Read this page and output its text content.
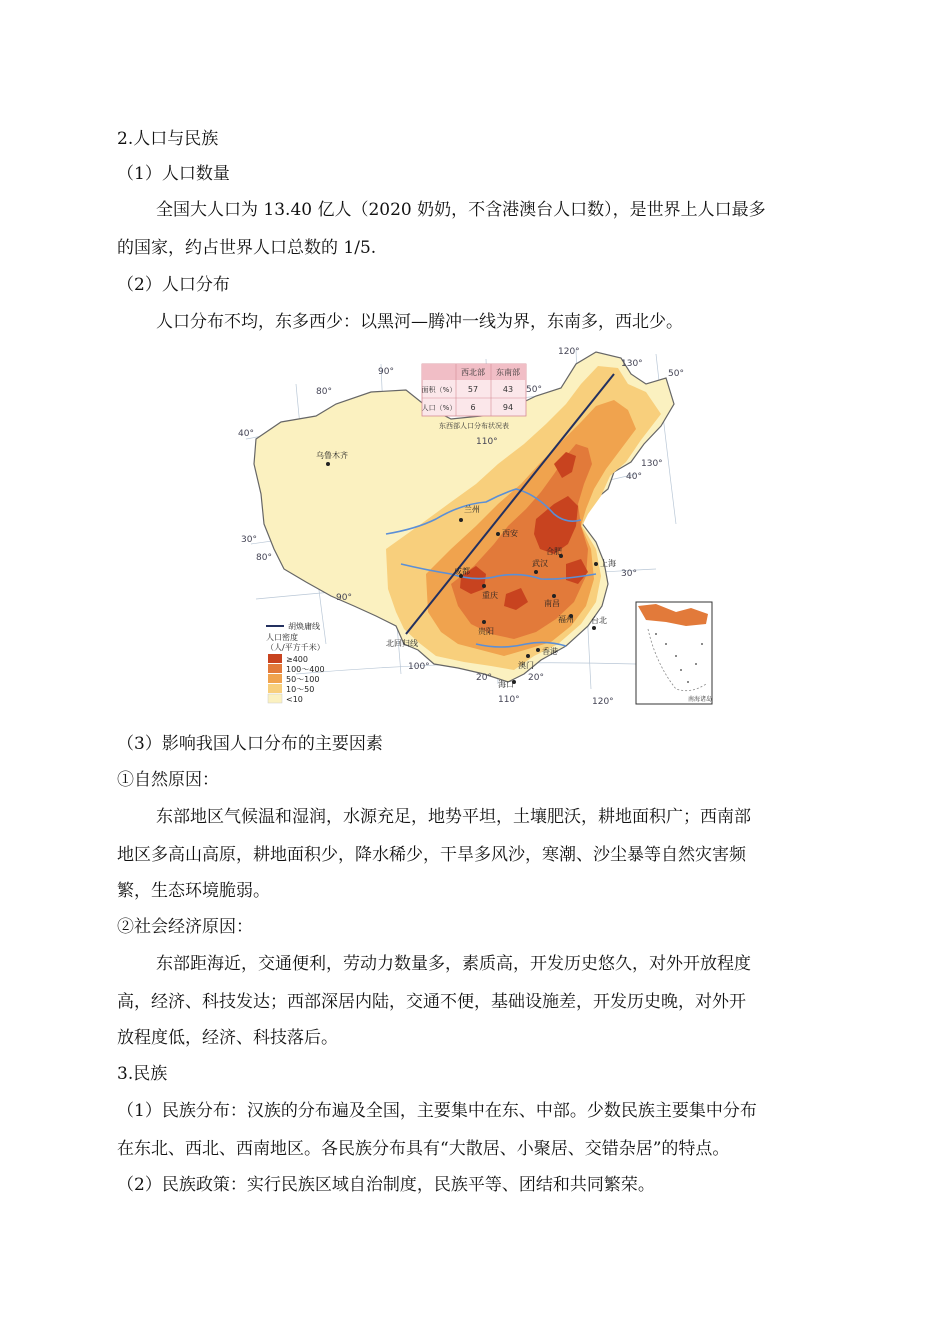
2.人口与民族
（1）人口数量
全国大人口为 13.40 亿人（2020 奶奶，不含港澳台人口数），是世界上人口最多
的国家，约占世界人口总数的 1/5.
（2）人口分布
人口分布不均，东多西少：以黑河—腾冲一线为界，东南多，西北少。
西北部 东南部
面积（%） 57	43
人口（%） 6	94
东西部人口分布状况表
90°
80°
110°
120°
130°
130°
50°
50°
40°
40°
30°
30°
80°
90°
100°
20°	20°
110°	120°
乌鲁木齐
兰州
西安
成都
重庆
贵阳
武汉
合肥
上海
南昌
福州 台北
香港
澳门
海口
北回归线
胡焕庸线
人口密度
（人/平方千米）
≥400
100～400
50～100
10～50
<10	南海诸岛
（3）影响我国人口分布的主要因素
①自然原因：
东部地区气候温和湿润，水源充足，地势平坦，土壤肥沃，耕地面积广；西南部
地区多高山高原，耕地面积少，降水稀少，干旱多风沙，寒潮、沙尘暴等自然灾害频
繁，生态环境脆弱。
②社会经济原因：
东部距海近，交通便利，劳动力数量多，素质高，开发历史悠久，对外开放程度
高，经济、科技发达；西部深居内陆，交通不便，基础设施差，开发历史晚，对外开
放程度低，经济、科技落后。
3.民族
（1）民族分布：汉族的分布遍及全国，主要集中在东、中部。少数民族主要集中分布
在东北、西北、西南地区。各民族分布具有“大散居、小聚居、交错杂居”的特点。
（2）民族政策：实行民族区域自治制度，民族平等、团结和共同繁荣。
